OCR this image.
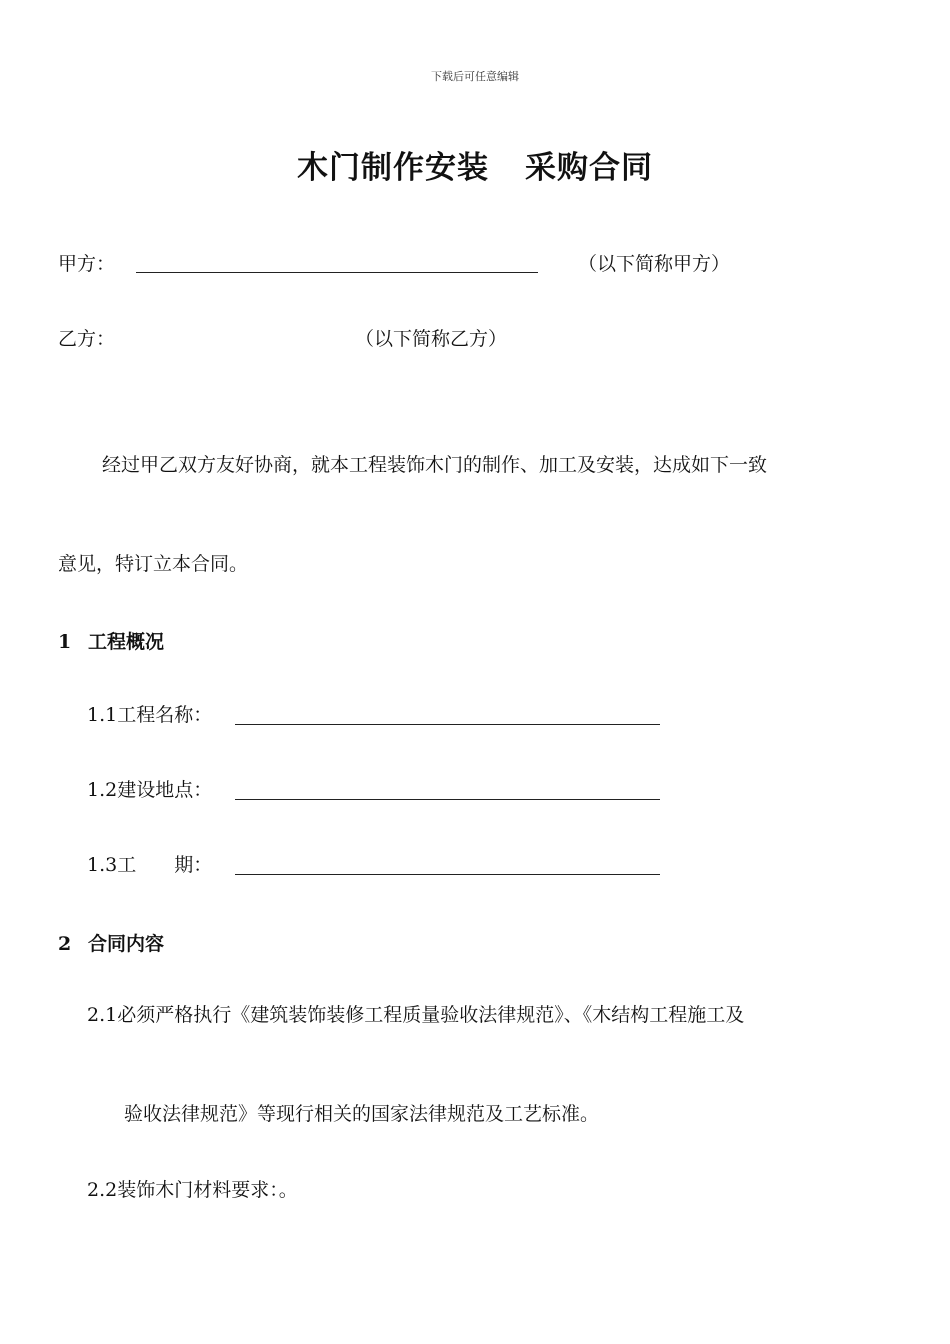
下载后可任意编辑
木门制作安装 采购合同
甲方：	（以下简称甲方）
乙方：	（以下简称乙方）
经过甲乙双方友好协商，就本工程装饰木门的制作、加工及安装，达成如下一致
意见，特订立本合同。
1 工程概况
1.1工程名称：
1.2建设地点：
1.3工　　期：
2 合同内容
2.1必须严格执行《建筑装饰装修工程质量验收法律规范》、《木结构工程施工及
验收法律规范》等现行相关的国家法律规范及工艺标准。
2.2装饰木门材料要求：。
